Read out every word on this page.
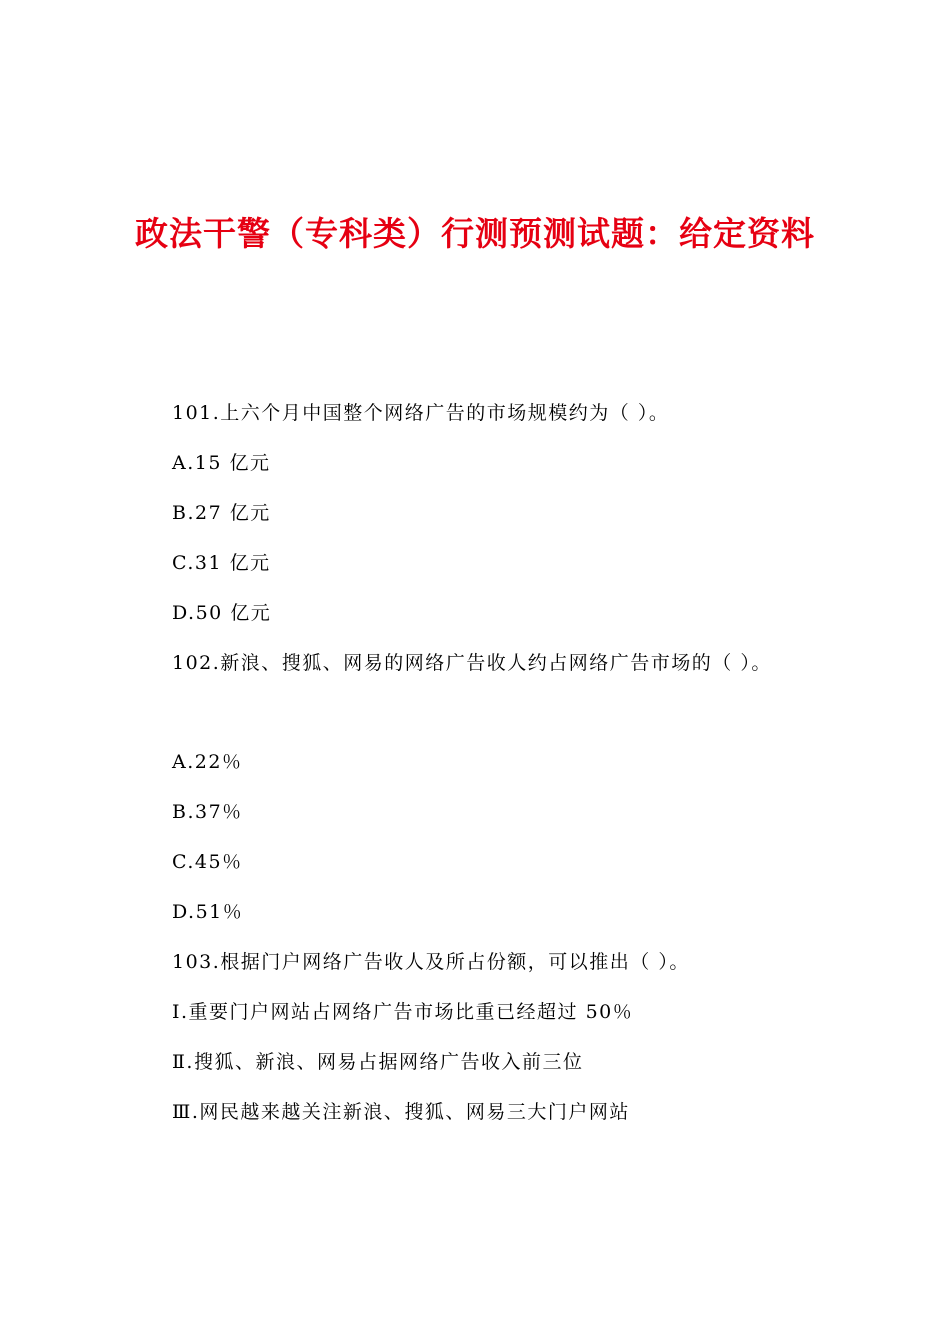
政法干警（专科类）行测预测试题：给定资料
101.上六个月中国整个网络广告的市场规模约为（ ）。
A.15 亿元
B.27 亿元
C.31 亿元
D.50 亿元
102.新浪、搜狐、网易的网络广告收人约占网络广告市场的（ ）。
A.22％
B.37％
C.45％
D.51％
103.根据门户网络广告收人及所占份额，可以推出（ ）。
Ⅰ.重要门户网站占网络广告市场比重已经超过 50％
Ⅱ.搜狐、新浪、网易占据网络广告收入前三位
Ⅲ.网民越来越关注新浪、搜狐、网易三大门户网站
